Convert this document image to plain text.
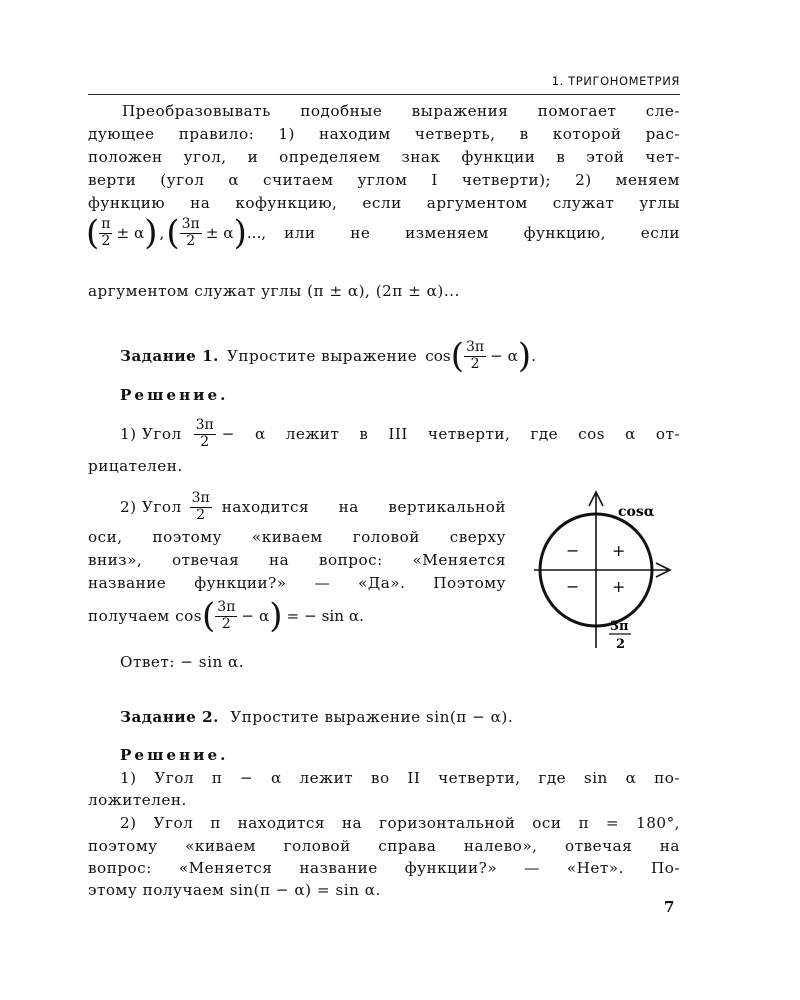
1. ТРИГОНОМЕТРИЯ
Преобразовывать подобные выражения помогает сле-
дующее правило: 1) находим четверть, в которой рас-
положен угол, и определяем знак функции в этой чет-
верти (угол α считаем углом I четверти); 2) меняем
функцию на кофункцию, если аргументом служат углы
( $\frac{\pi}{2} \pm \alpha$ ) , ( $\frac{3\pi}{2} \pm \alpha$ ) ..., или не изменяем функцию, если
аргументом служат углы (π ± α), (2π ± α)...
Задание 1. Упростите выражение cos ( $\frac{3\pi}{2} - \alpha$ ) .
Решение.
1) Угол $\frac{3\pi}{2} - \alpha$ лежит в III четверти, где cos α от-
рицателен.
2) Угол $\frac{3\pi}{2}$ находится на вертикальной
оси, поэтому «киваем головой сверху
вниз», отвечая на вопрос: «Меняется
название функции?» — «Да». Поэтому
получаем cos ( $\frac{3\pi}{2} - \alpha$ ) = − sin α.
Ответ: − sin α.
cosα
− +
− +
3π
2
Задание 2. Упростите выражение sin(π − α).
Решение.
1) Угол π − α лежит во II четверти, где sin α по-
ложителен.
2) Угол π находится на горизонтальной оси π = 180°,
поэтому «киваем головой справа налево», отвечая на
вопрос: «Меняется название функции?» — «Нет». По-
этому получаем sin(π − α) = sin α.
7
